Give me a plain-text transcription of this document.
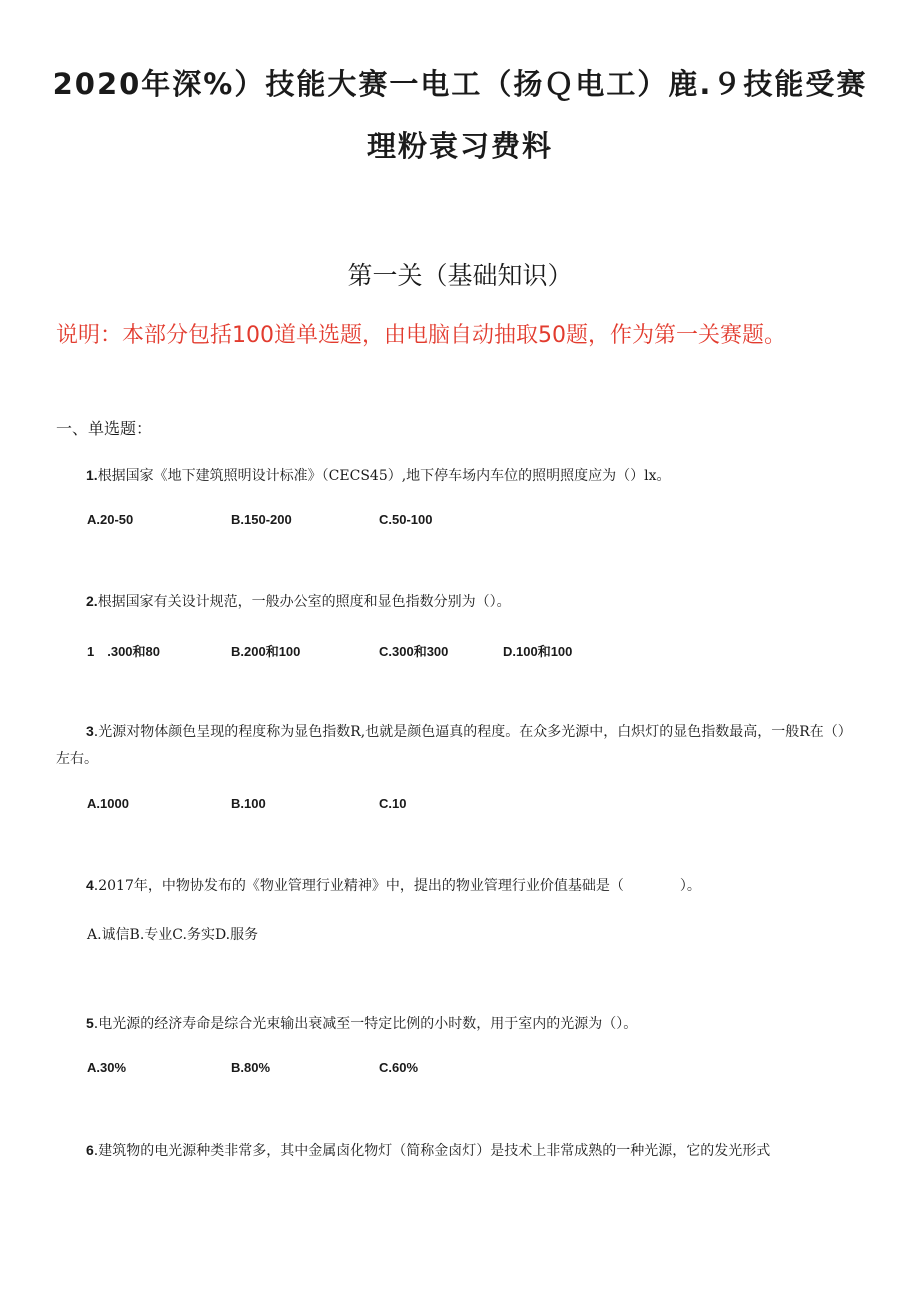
2020年深%）技能大赛一电工（扬Ｑ电工）鹿.９技能受赛
理粉袁习费料
第一关（基础知识）
说明：本部分包括100道单选题，由电脑自动抽取50题，作为第一关赛题。
一、单选题：
1.根据国家《地下建筑照明设计标准》（CECS45）,地下停车场内车位的照明照度应为（）lx。
A.20-50	B.150-200	C.50-100
2.根据国家有关设计规范，一般办公室的照度和显色指数分别为（）。
1　.300和80	B.200和100	C.300和300	D.100和100
3.光源对物体颜色呈现的程度称为显色指数R,也就是颜色逼真的程度。在众多光源中，白炽灯的显色指数最高，一般R在（）左右。
A.1000	B.100	C.10
4.2017年，中物协发布的《物业管理行业精神》中，提出的物业管理行业价值基础是（　　　　）。
A.诚信B.专业C.务实D.服务
5.电光源的经济寿命是综合光束输出衰减至一特定比例的小时数，用于室内的光源为（）。
A.30%	B.80%	C.60%
6.建筑物的电光源种类非常多，其中金属卤化物灯（简称金卤灯）是技术上非常成熟的一种光源，它的发光形式
